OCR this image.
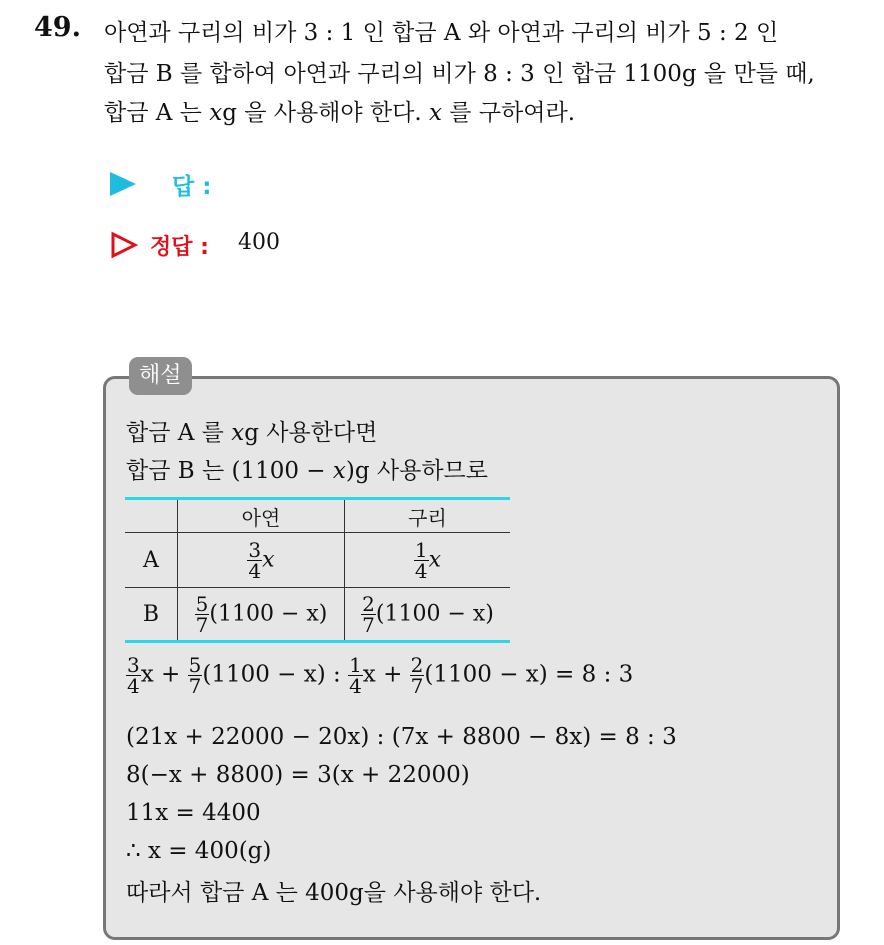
49. 아연과 구리의 비가 3 : 1 인 합금 A 와 아연과 구리의 비가 5 : 2 인
합금 B 를 합하여 아연과 구리의 비가 8 : 3 인 합금 1100g 을 만들 때,
합금 A 는 xg 을 사용해야 한다. x 를 구하여라.
답 :
정답 : 400
해설
합금 A 를 xg 사용한다면
합금 B 는 (1100 − x)g 사용하므로
	아연	구리
A	$\frac{3}{4}$ x	$\frac{1}{4}$ x
B	$\frac{5}{7} (1100 - x)$	$\frac{2}{7} (1100 - x)$
$\frac{3}{4}$ $x + \frac{5}{7} (1100 - x)$ : $\frac{1}{4}$ $x + \frac{2}{7} (1100 - x) = 8$ : 3
(21x + 22000 − 20x) : (7x + 8800 − 8x) = 8 : 3
8(−x + 8800) = 3(x + 22000)
11x = 4400
∴ x = 400(g)
따라서 합금 A 는 400g을 사용해야 한다.
